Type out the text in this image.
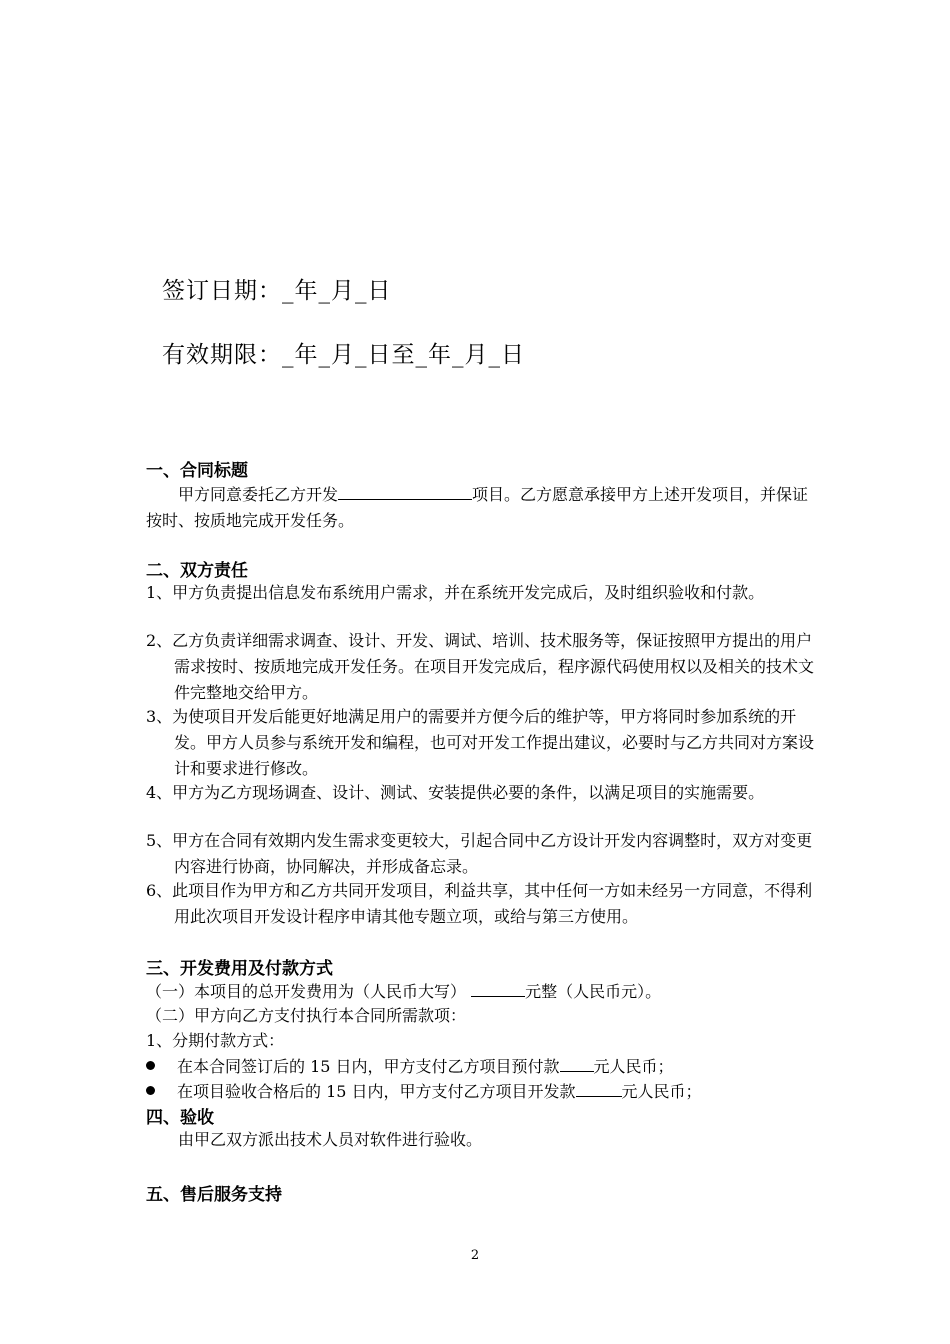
签订日期：_年_月_日
有效期限：_年_月_日至_年_月_日
一、合同标题

甲方同意委托乙方开发	项目。乙方愿意承接甲方上述开发项目，并保证按时、按质地完成开发任务。

二、双方责任
1、甲方负责提出信息发布系统用户需求，并在系统开发完成后，及时组织验收和付款。
2、乙方负责详细需求调查、设计、开发、调试、培训、技术服务等，保证按照甲方提出的用户需求按时、按质地完成开发任务。在项目开发完成后，程序源代码使用权以及相关的技术文件完整地交给甲方。
3、为使项目开发后能更好地满足用户的需要并方便今后的维护等，甲方将同时参加系统的开发。甲方人员参与系统开发和编程，也可对开发工作提出建议，必要时与乙方共同对方案设计和要求进行修改。
4、甲方为乙方现场调查、设计、测试、安装提供必要的条件，以满足项目的实施需要。
5、甲方在合同有效期内发生需求变更较大，引起合同中乙方设计开发内容调整时，双方对变更内容进行协商，协同解决，并形成备忘录。
6、此项目作为甲方和乙方共同开发项目，利益共享，其中任何一方如未经另一方同意，不得利用此次项目开发设计程序申请其他专题立项，或给与第三方使用。
三、开发费用及付款方式
（一）本项目的总开发费用为（人民币大写）	元整（人民币元）。
（二）甲方向乙方支付执行本合同所需款项：
1、分期付款方式：
在本合同签订后的 15 日内，甲方支付乙方项目预付款 元人民币；
在项目验收合格后的 15 日内，甲方支付乙方项目开发款	元人民币；
四、验收
由甲乙双方派出技术人员对软件进行验收。
五、售后服务支持
2
